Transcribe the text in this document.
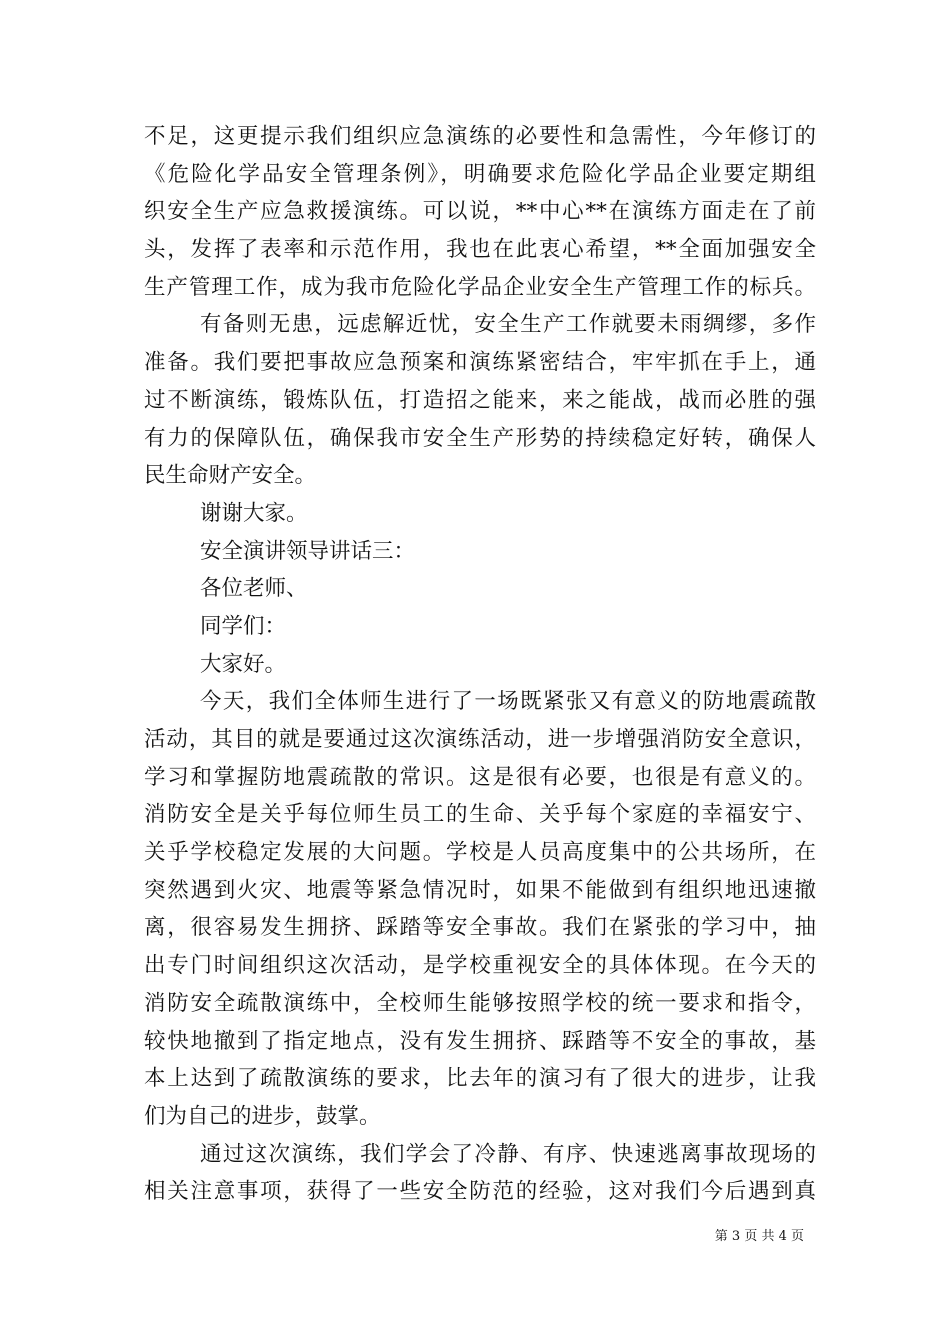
不足，这更提示我们组织应急演练的必要性和急需性，今年修订的
《危险化学品安全管理条例》，明确要求危险化学品企业要定期组
织安全生产应急救援演练。可以说，**中心**在演练方面走在了前
头，发挥了表率和示范作用，我也在此衷心希望，**全面加强安全
生产管理工作，成为我市危险化学品企业安全生产管理工作的标兵。
有备则无患，远虑解近忧，安全生产工作就要未雨绸缪，多作
准备。我们要把事故应急预案和演练紧密结合，牢牢抓在手上，通
过不断演练，锻炼队伍，打造招之能来，来之能战，战而必胜的强
有力的保障队伍，确保我市安全生产形势的持续稳定好转，确保人
民生命财产安全。
谢谢大家。
安全演讲领导讲话三：
各位老师、
同学们：
大家好。
今天，我们全体师生进行了一场既紧张又有意义的防地震疏散
活动，其目的就是要通过这次演练活动，进一步增强消防安全意识，
学习和掌握防地震疏散的常识。这是很有必要，也很是有意义的。
消防安全是关乎每位师生员工的生命、关乎每个家庭的幸福安宁、
关乎学校稳定发展的大问题。学校是人员高度集中的公共场所，在
突然遇到火灾、地震等紧急情况时，如果不能做到有组织地迅速撤
离，很容易发生拥挤、踩踏等安全事故。我们在紧张的学习中，抽
出专门时间组织这次活动，是学校重视安全的具体体现。在今天的
消防安全疏散演练中，全校师生能够按照学校的统一要求和指令，
较快地撤到了指定地点，没有发生拥挤、踩踏等不安全的事故，基
本上达到了疏散演练的要求，比去年的演习有了很大的进步，让我
们为自己的进步，鼓掌。
通过这次演练，我们学会了冷静、有序、快速逃离事故现场的
相关注意事项，获得了一些安全防范的经验，这对我们今后遇到真
第 3 页 共 4 页
